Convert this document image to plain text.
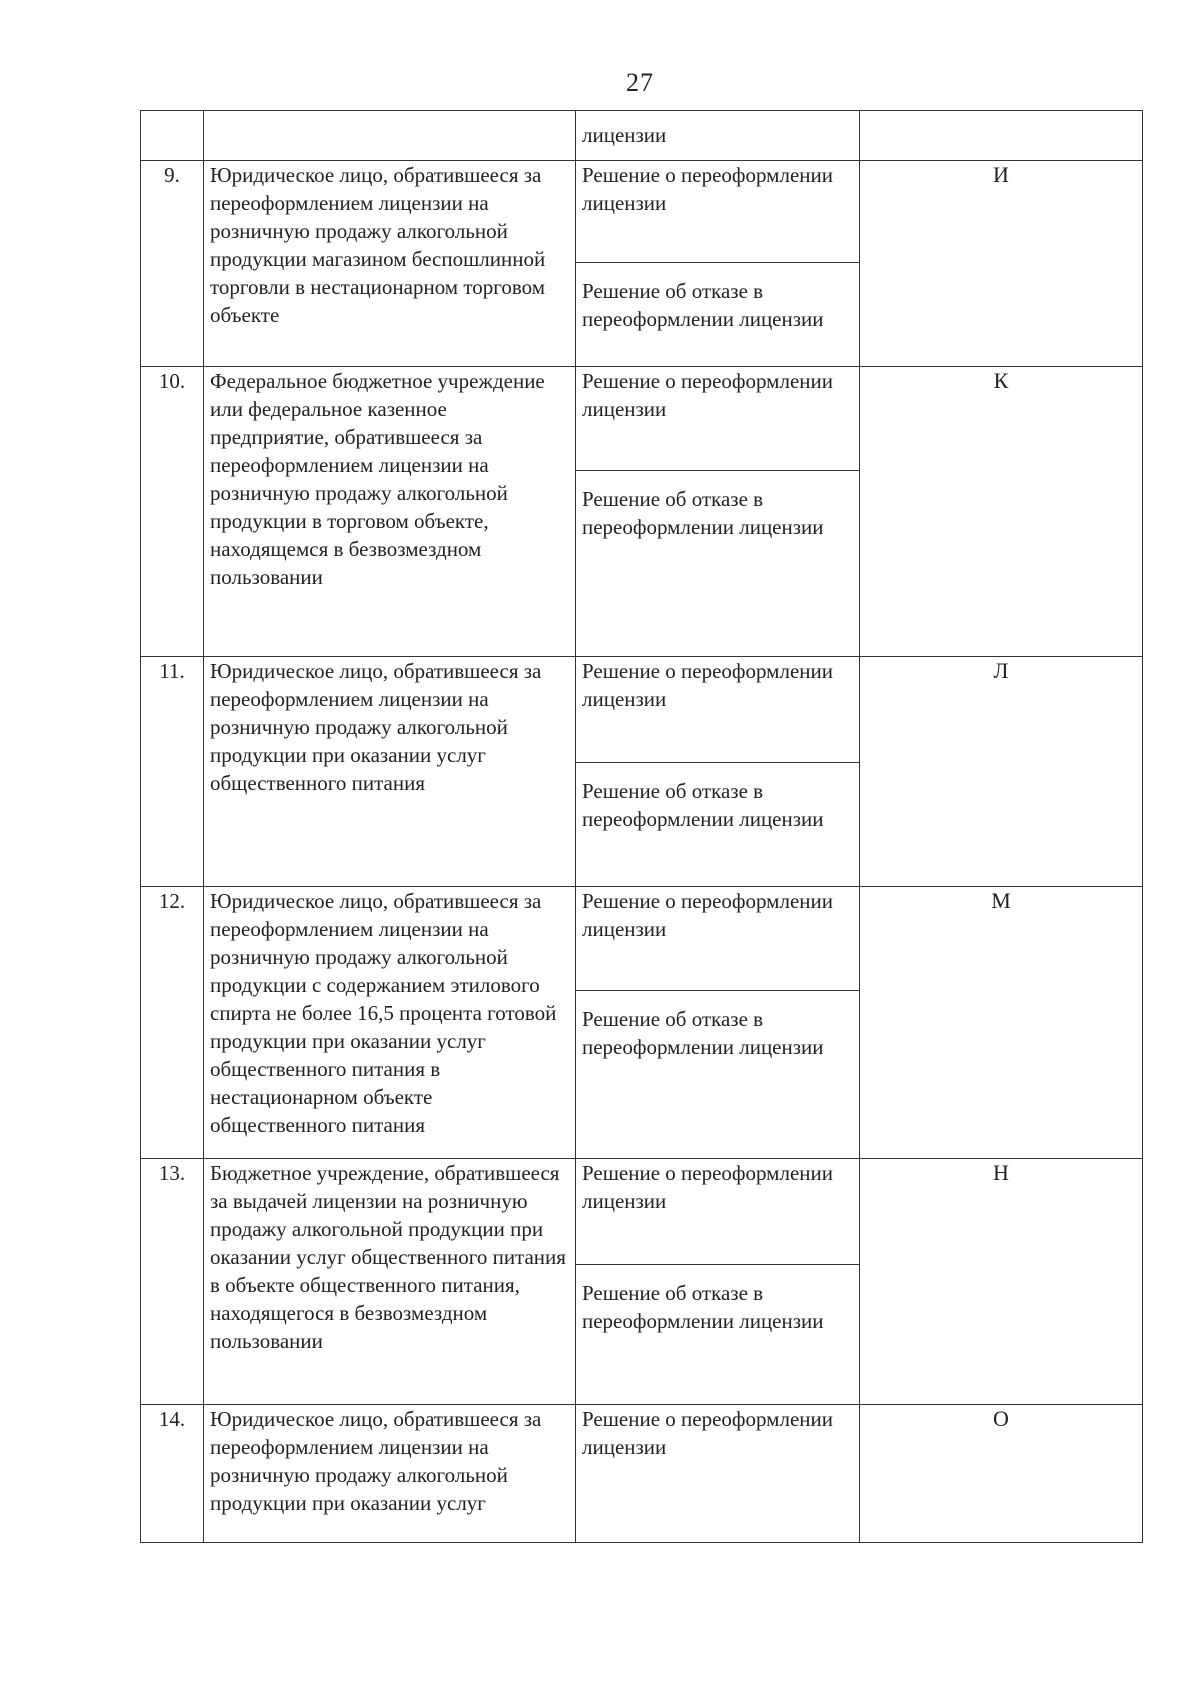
27
		лицензии	
9.	Юридическое лицо, обратившееся за переоформлением лицензии на розничную продажу алкогольной продукции магазином беспошлинной торговли в нестационарном торговом объекте	Решение о переоформлении лицензии	И
		Решение об отказе в переоформлении лицензии	
10.	Федеральное бюджетное учреждение или федеральное казенное предприятие, обратившееся за переоформлением лицензии на розничную продажу алкогольной продукции в торговом объекте, находящемся в безвозмездном пользовании	Решение о переоформлении лицензии	К
		Решение об отказе в переоформлении лицензии	
11.	Юридическое лицо, обратившееся за переоформлением лицензии на розничную продажу алкогольной продукции при оказании услуг общественного питания	Решение о переоформлении лицензии	Л
		Решение об отказе в переоформлении лицензии	
12.	Юридическое лицо, обратившееся за переоформлением лицензии на розничную продажу алкогольной продукции с содержанием этилового спирта не более 16,5 процента готовой продукции при оказании услуг общественного питания в нестационарном объекте общественного питания	Решение о переоформлении лицензии	М
		Решение об отказе в переоформлении лицензии	
13.	Бюджетное учреждение, обратившееся за выдачей лицензии на розничную продажу алкогольной продукции при оказании услуг общественного питания в объекте общественного питания, находящегося в безвозмездном пользовании	Решение о переоформлении лицензии	Н
		Решение об отказе в переоформлении лицензии	
14.	Юридическое лицо, обратившееся за переоформлением лицензии на розничную продажу алкогольной продукции при оказании услуг	Решение о переоформлении лицензии	О
